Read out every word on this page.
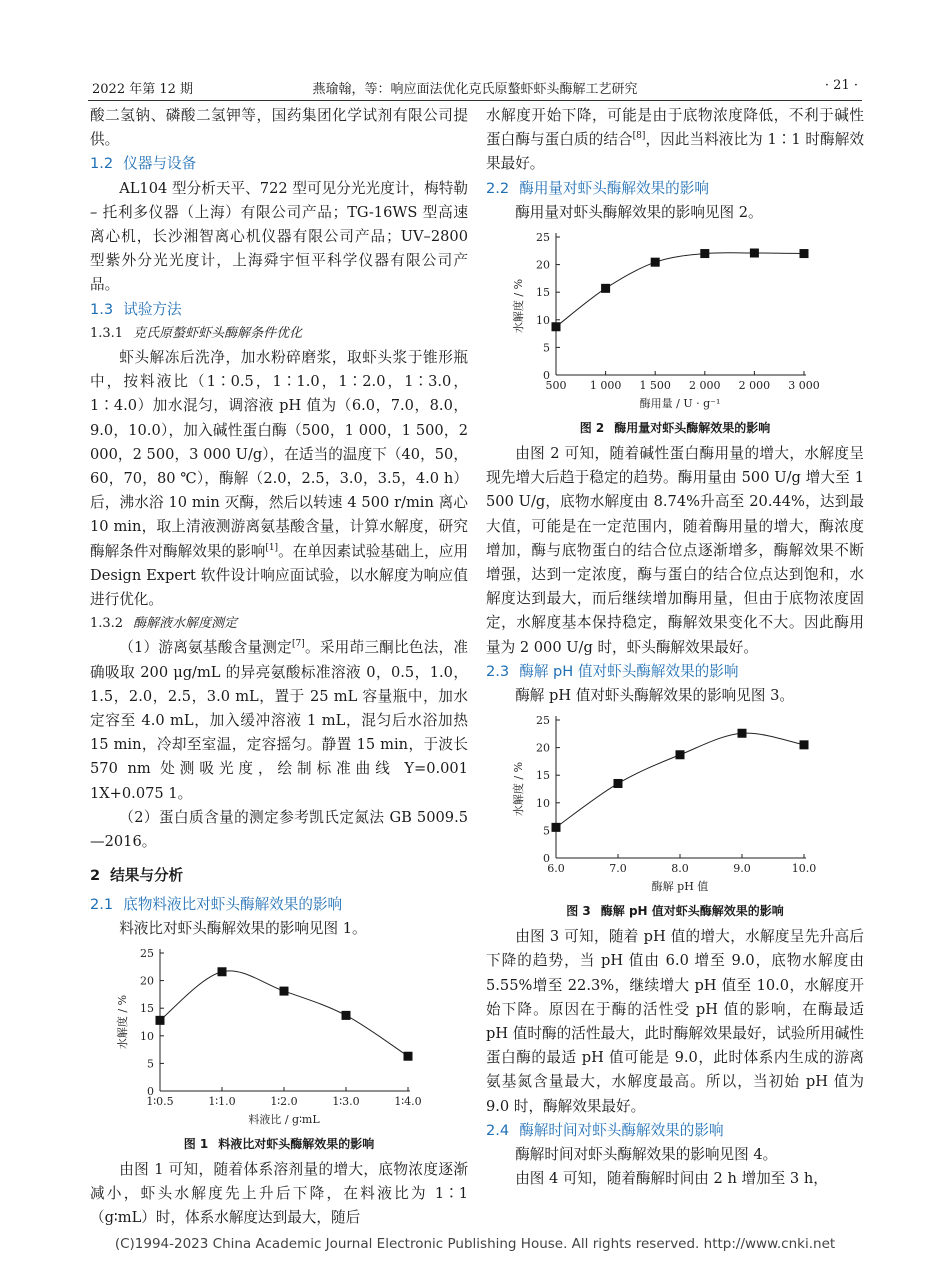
2022 年第 12 期	燕瑜翰，等：响应面法优化克氏原螯虾虾头酶解工艺研究	· 21 ·

酸二氢钠、磷酸二氢钾等，国药集团化学试剂有限公司提供。

1.2 仪器与设备

AL104 型分析天平、722 型可见分光光度计，梅特勒 – 托利多仪器（上海）有限公司产品；TG-16WS 型高速离心机，长沙湘智离心机仪器有限公司产品；UV–2800 型紫外分光光度计，上海舜宇恒平科学仪器有限公司产品。

1.3 试验方法

1.3.1 克氏原螯虾虾头酶解条件优化

虾头解冻后洗净，加水粉碎磨浆，取虾头浆于锥形瓶中，按料液比（1∶0.5，1∶1.0，1∶2.0，1∶3.0，1∶4.0）加水混匀，调溶液 pH 值为（6.0，7.0，8.0，9.0，10.0），加入碱性蛋白酶（500，1 000，1 500，2 000，2 500，3 000 U/g），在适当的温度下（40，50，60，70，80 ℃），酶解（2.0，2.5，3.0，3.5，4.0 h）后，沸水浴 10 min 灭酶，然后以转速 4 500 r/min 离心 10 min，取上清液测游离氨基酸含量，计算水解度，研究酶解条件对酶解效果的影响[1]。在单因素试验基础上，应用 Design Expert 软件设计响应面试验，以水解度为响应值进行优化。

1.3.2 酶解液水解度测定

（1）游离氨基酸含量测定[7]。采用茚三酮比色法，准确吸取 200 μg/mL 的异亮氨酸标准溶液 0，0.5，1.0，1.5，2.0，2.5，3.0 mL，置于 25 mL 容量瓶中，加水定容至 4.0 mL，加入缓冲溶液 1 mL，混匀后水浴加热 15 min，冷却至室温，定容摇匀。静置 15 min，于波长 570 nm 处测吸光度，绘制标准曲线 Y=0.001 1X+0.075 1。

（2）蛋白质含量的测定参考凯氏定氮法 GB 5009.5—2016。

2 结果与分析

2.1 底物料液比对虾头酶解效果的影响

料液比对虾头酶解效果的影响见图 1。

0
5
10
15
20
25
1∶0.5	1∶1.0	1∶2.0	1∶3.0	1∶4.0
料液比 / g∶mL
水解度 / %
图 1 料液比对虾头酶解效果的影响

由图 1 可知，随着体系溶剂量的增大，底物浓度逐渐减小，虾头水解度先上升后下降，在料液比为 1∶1（g∶mL）时，体系水解度达到最大，随后

水解度开始下降，可能是由于底物浓度降低，不利于碱性蛋白酶与蛋白质的结合[8]，因此当料液比为 1∶1 时酶解效果最好。

2.2 酶用量对虾头酶解效果的影响

酶用量对虾头酶解效果的影响见图 2。

0
5
10
15
20
25
500 1 000 1 500 2 000 2 000 3 000
酶用量 / U · g⁻¹
水解度 / %
图 2 酶用量对虾头酶解效果的影响

由图 2 可知，随着碱性蛋白酶用量的增大，水解度呈现先增大后趋于稳定的趋势。酶用量由 500 U/g 增大至 1 500 U/g，底物水解度由 8.74%升高至 20.44%，达到最大值，可能是在一定范围内，随着酶用量的增大，酶浓度增加，酶与底物蛋白的结合位点逐渐增多，酶解效果不断增强，达到一定浓度，酶与蛋白的结合位点达到饱和，水解度达到最大，而后继续增加酶用量，但由于底物浓度固定，水解度基本保持稳定，酶解效果变化不大。因此酶用量为 2 000 U/g 时，虾头酶解效果最好。

2.3 酶解 pH 值对虾头酶解效果的影响

酶解 pH 值对虾头酶解效果的影响见图 3。

0
5
10
15
20
25
6.0	7.0	8.0	9.0	10.0
酶解 pH 值
水解度 / %
图 3 酶解 pH 值对虾头酶解效果的影响

由图 3 可知，随着 pH 值的增大，水解度呈先升高后下降的趋势，当 pH 值由 6.0 增至 9.0，底物水解度由 5.55%增至 22.3%，继续增大 pH 值至 10.0，水解度开始下降。原因在于酶的活性受 pH 值的影响，在酶最适 pH 值时酶的活性最大，此时酶解效果最好，试验所用碱性蛋白酶的最适 pH 值可能是 9.0，此时体系内生成的游离氨基氮含量最大，水解度最高。所以，当初始 pH 值为 9.0 时，酶解效果最好。

2.4 酶解时间对虾头酶解效果的影响

酶解时间对虾头酶解效果的影响见图 4。

由图 4 可知，随着酶解时间由 2 h 增加至 3 h，

(C)1994-2023 China Academic Journal Electronic Publishing House. All rights reserved. http://www.cnki.net
